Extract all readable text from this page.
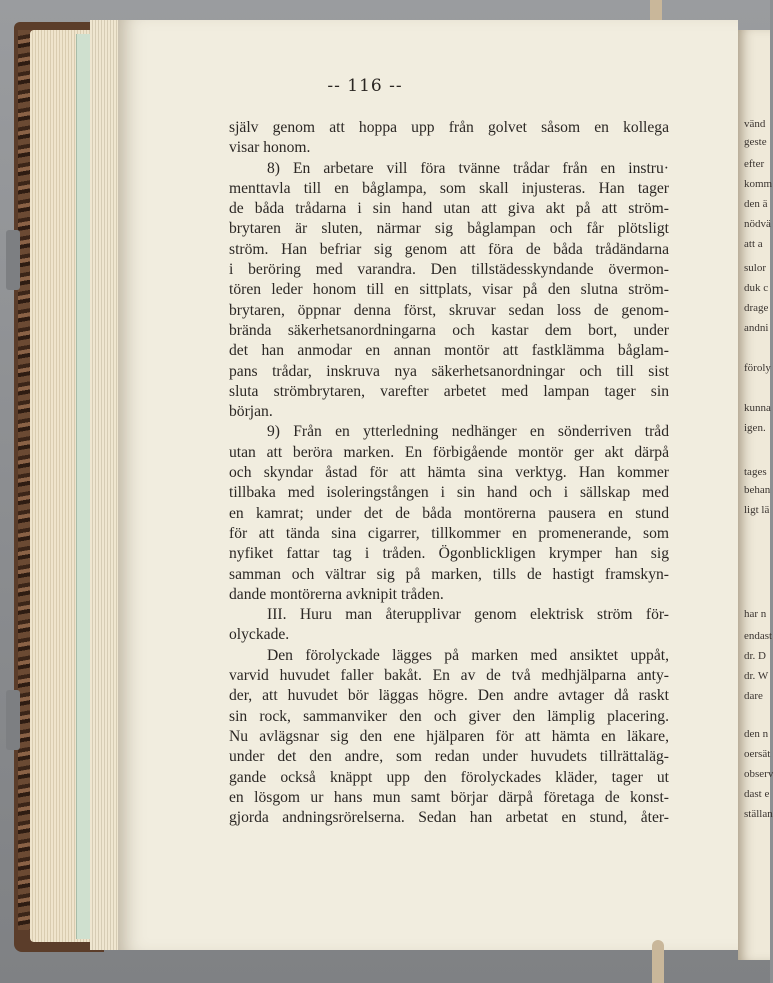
-- 116 --
själv genom att hoppa upp från golvet såsom en kollega
visar honom.
8) En arbetare vill föra tvänne trådar från en instru·
menttavla till en båglampa, som skall injusteras. Han tager
de båda trådarna i sin hand utan att giva akt på att ström-
brytaren är sluten, närmar sig båglampan och får plötsligt
ström. Han befriar sig genom att föra de båda trådändarna
i beröring med varandra. Den tillstädesskyndande övermon-
tören leder honom till en sittplats, visar på den slutna ström-
brytaren, öppnar denna först, skruvar sedan loss de genom-
brända säkerhetsanordningarna och kastar dem bort, under
det han anmodar en annan montör att fastklämma båglam-
pans trådar, inskruva nya säkerhetsanordningar och till sist
sluta strömbrytaren, varefter arbetet med lampan tager sin
början.
9) Från en ytterledning nedhänger en sönderriven tråd
utan att beröra marken. En förbigående montör ger akt därpå
och skyndar åstad för att hämta sina verktyg. Han kommer
tillbaka med isoleringstången i sin hand och i sällskap med
en kamrat; under det de båda montörerna pausera en stund
för att tända sina cigarrer, tillkommer en promenerande, som
nyfiket fattar tag i tråden. Ögonblickligen krymper han sig
samman och vältrar sig på marken, tills de hastigt framskyn-
dande montörerna avknipit tråden.
III. Huru man återupplivar genom elektrisk ström för-
olyckade.
Den förolyckade lägges på marken med ansiktet uppåt,
varvid huvudet faller bakåt. En av de två medhjälparna anty-
der, att huvudet bör läggas högre. Den andre avtager då raskt
sin rock, sammanviker den och giver den lämplig placering.
Nu avlägsnar sig den ene hjälparen för att hämta en läkare,
under det den andre, som redan under huvudets tillrättaläg-
gande också knäppt upp den förolyckades kläder, tager ut
en lösgom ur hans mun samt börjar därpå företaga de konst-
gjorda andningsrörelserna. Sedan han arbetat en stund, åter-
vänd
geste
efter
komm
den ä
nödvä
att a
sulor
duk c
drage
andni
föroly
kunna
igen.
tages
behan
ligt lä
har n
endast
dr. D
dr. W
dare
den n
oersät
observ
dast e
ställan
